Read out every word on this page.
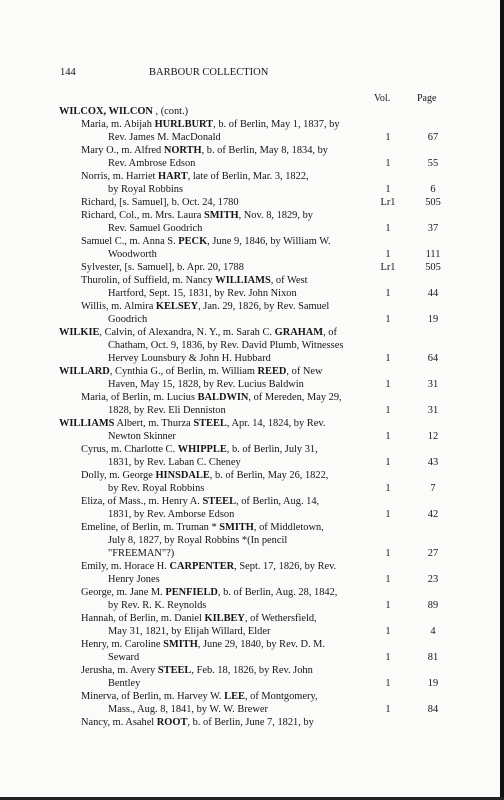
144	BARBOUR COLLECTION
Vol.	Page
WILCOX, WILCON , (cont.)
Maria, m. Abijah HURLBURT, b. of Berlin, May 1, 1837, by
Rev. James M. MacDonald	1	67
Mary O., m. Alfred NORTH, b. of Berlin, May 8, 1834, by
Rev. Ambrose Edson	1	55
Norris, m. Harriet HART, late of Berlin, Mar. 3, 1822,
by Royal Robbins	1	6
Richard, [s. Samuel], b. Oct. 24, 1780	Lr1	505
Richard, Col., m. Mrs. Laura SMITH, Nov. 8, 1829, by
Rev. Samuel Goodrich	1	37
Samuel C., m. Anna S. PECK, June 9, 1846, by William W.
Woodworth	1	111
Sylvester, [s. Samuel], b. Apr. 20, 1788	Lr1	505
Thurolin, of Suffield, m. Nancy WILLIAMS, of West
Hartford, Sept. 15, 1831, by Rev. John Nixon	1	44
Willis, m. Almira KELSEY, Jan. 29, 1826, by Rev. Samuel
Goodrich	1	19
WILKIE, Calvin, of Alexandra, N. Y., m. Sarah C. GRAHAM, of
Chatham, Oct. 9, 1836, by Rev. David Plumb, Witnesses
Hervey Lounsbury & John H. Hubbard	1	64
WILLARD, Cynthia G., of Berlin, m. William REED, of New
Haven, May 15, 1828, by Rev. Lucius Baldwin	1	31
Maria, of Berlin, m. Lucius BALDWIN, of Mereden, May 29,
1828, by Rev. Eli Denniston	1	31
WILLIAMS Albert, m. Thurza STEEL, Apr. 14, 1824, by Rev.
Newton Skinner	1	12
Cyrus, m. Charlotte C. WHIPPLE, b. of Berlin, July 31,
1831, by Rev. Laban C. Cheney	1	43
Dolly, m. George HINSDALE, b. of Berlin, May 26, 1822,
by Rev. Royal Robbins	1	7
Eliza, of Mass., m. Henry A. STEEL, of Berlin, Aug. 14,
1831, by Rev. Amborse Edson	1	42
Emeline, of Berlin, m. Truman * SMITH, of Middletown,
July 8, 1827, by Royal Robbins *(In pencil
"FREEMAN"?)	1	27
Emily, m. Horace H. CARPENTER, Sept. 17, 1826, by Rev.
Henry Jones	1	23
George, m. Jane M. PENFIELD, b. of Berlin, Aug. 28, 1842,
by Rev. R. K. Reynolds	1	89
Hannah, of Berlin, m. Daniel KILBEY, of Wethersfield,
May 31, 1821, by Elijah Willard, Elder	1	4
Henry, m. Caroline SMITH, June 29, 1840, by Rev. D. M.
Seward	1	81
Jerusha, m. Avery STEEL, Feb. 18, 1826, by Rev. John
Bentley	1	19
Minerva, of Berlin, m. Harvey W. LEE, of Montgomery,
Mass., Aug. 8, 1841, by W. W. Brewer	1	84
Nancy, m. Asahel ROOT, b. of Berlin, June 7, 1821, by
